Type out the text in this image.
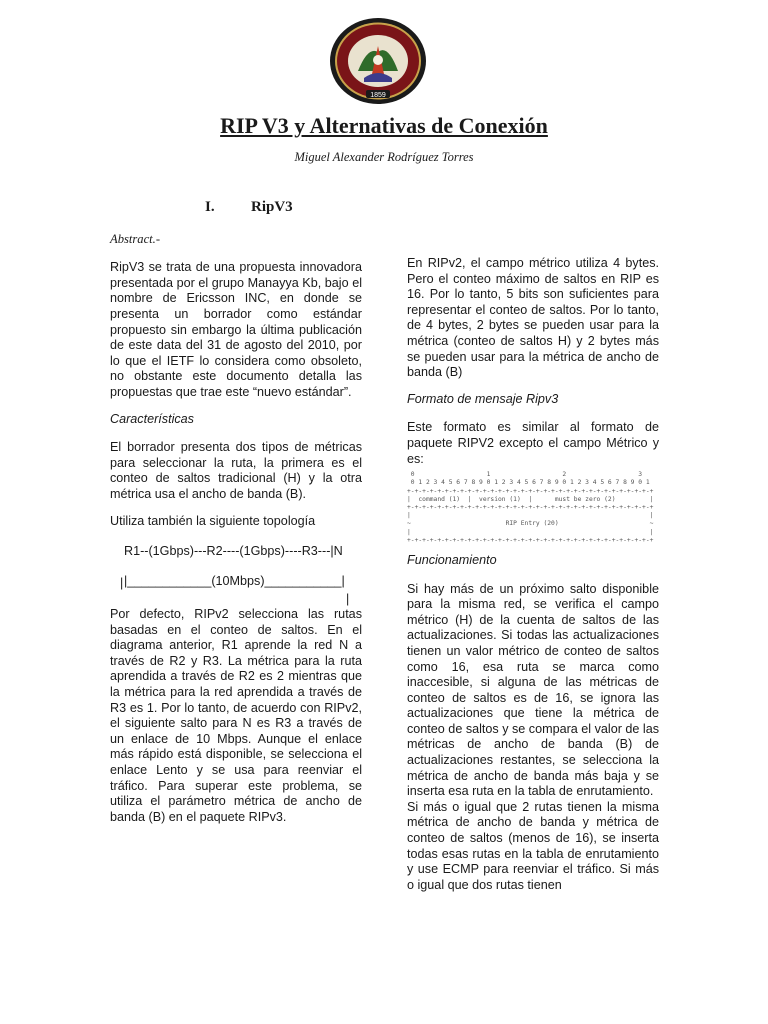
1859
RIP V3 y Alternativas de Conexión
Miguel Alexander Rodríguez Torres
I. RipV3
Abstract.-

RipV3 se trata de una propuesta innovadora presentada por el grupo Manayya Kb, bajo el nombre de Ericsson INC, en donde se presenta un borrador como estándar propuesto sin embargo la última publicación de este data del 31 de agosto del 2010, por lo que el IETF lo considera como obsoleto, no obstante este documento detalla las propuestas que trae este “nuevo estándar”.

Características

El borrador presenta dos tipos de métricas para seleccionar la ruta, la primera es el conteo de saltos tradicional (H) y la otra métrica usa el ancho de banda (B).

Utiliza también la siguiente topología

R1--(1Gbps)---R2----(1Gbps)----R3---|N

|

|

|____________(10Mbps)___________|

Por defecto, RIPv2 selecciona las rutas basadas en el conteo de saltos. En el diagrama anterior, R1 aprende la red N a través de R2 y R3. La métrica para la ruta aprendida a través de R2 es 2 mientras que la métrica para la red aprendida a través de R3 es 1. Por lo tanto, de acuerdo con RIPv2, el siguiente salto para N es R3 a través de un enlace de 10 Mbps. Aunque el enlace más rápido está disponible, se selecciona el enlace Lento y se usa para reenviar el tráfico. Para superar este problema, se utiliza el parámetro métrica de ancho de banda (B) en el paquete RIPv3.

En RIPv2, el campo métrico utiliza 4 bytes. Pero el conteo máximo de saltos en RIP es 16. Por lo tanto, 5 bits son suficientes para representar el conteo de saltos. Por lo tanto, de 4 bytes, 2 bytes se pueden usar para la métrica (conteo de saltos H) y 2 bytes más se pueden usar para la métrica de ancho de banda (B)

Formato de mensaje Ripv3

Este formato es similar al formato de paquete RIPV2 excepto el campo Métrico y es:

0                   1                   2                   3
0 1 2 3 4 5 6 7 8 9 0 1 2 3 4 5 6 7 8 9 0 1 2 3 4 5 6 7 8 9 0 1
+-+-+-+-+-+-+-+-+-+-+-+-+-+-+-+-+-+-+-+-+-+-+-+-+-+-+-+-+-+-+-+-+
|  command (1)  |  version (1)  |      must be zero (2)         |
+-+-+-+-+-+-+-+-+-+-+-+-+-+-+-+-+-+-+-+-+-+-+-+-+-+-+-+-+-+-+-+-+
|                                                               |
~                         RIP Entry (20)                        ~
|                                                               |
+-+-+-+-+-+-+-+-+-+-+-+-+-+-+-+-+-+-+-+-+-+-+-+-+-+-+-+-+-+-+-+-+
Funcionamiento

Si hay más de un próximo salto disponible para la misma red, se verifica el campo métrico (H) de la cuenta de saltos de las actualizaciones. Si todas las actualizaciones tienen un valor métrico de conteo de saltos como 16, esa ruta se marca como inaccesible, si alguna de las métricas de conteo de saltos es de 16, se ignora las actualizaciones que tiene la métrica de conteo de saltos y se compara el valor de las métricas de ancho de banda (B) de actualizaciones restantes, se selecciona la métrica de ancho de banda más baja y se inserta esa ruta en la tabla de enrutamiento.

Si más o igual que 2 rutas tienen la misma métrica de ancho de banda y métrica de conteo de saltos (menos de 16), se inserta todas esas rutas en la tabla de enrutamiento y use ECMP para reenviar el tráfico. Si más o igual que dos rutas tienen
